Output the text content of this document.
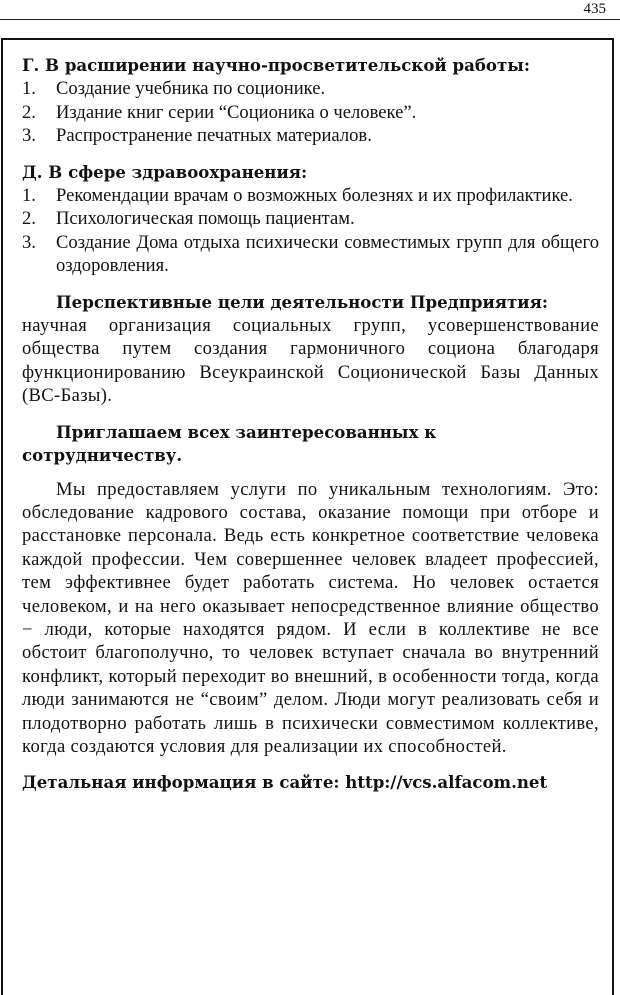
435

Г. В расширении научно-просветительской работы:

1. Создание учебника по соционике.
2. Издание книг серии “Соционика о человеке”.
3. Распространение печатных материалов.

Д. В сфере здравоохранения:

1. Рекомендации врачам о возможных болезнях и их профилактике.
2. Психологическая помощь пациентам.
3. Создание Дома отдыха психически совместимых групп для общего оздоровления.

Перспективные цели деятельности Предприятия:

научная организация социальных групп, усовершенствование общества путем создания гармоничного соционa благодаря функционированию Всеукраинской Соционической Базы Данных (ВС-Базы).

Приглашаем всех заинтересованных к сотрудничеству.

Мы предоставляем услуги по уникальным технологиям. Это: обследование кадрового состава, оказание помощи при отборе и расстановке персонала. Ведь есть конкретное соответствие человека каждой профессии. Чем совершеннее человек владеет профессией, тем эффективнее будет работать система. Но человек остается человеком, и на него оказывает непосредственное влияние общество − люди, которые находятся рядом. И если в коллективе не все обстоит благополучно, то человек вступает сначала во внутренний конфликт, который переходит во внешний, в особенности тогда, когда люди занимаются не “своим” делом. Люди могут реализовать себя и плодотворно работать лишь в психически совместимом коллективе, когда создаются условия для реализации их способностей.

Детальная информация в сайте: http://vcs.alfacom.net
